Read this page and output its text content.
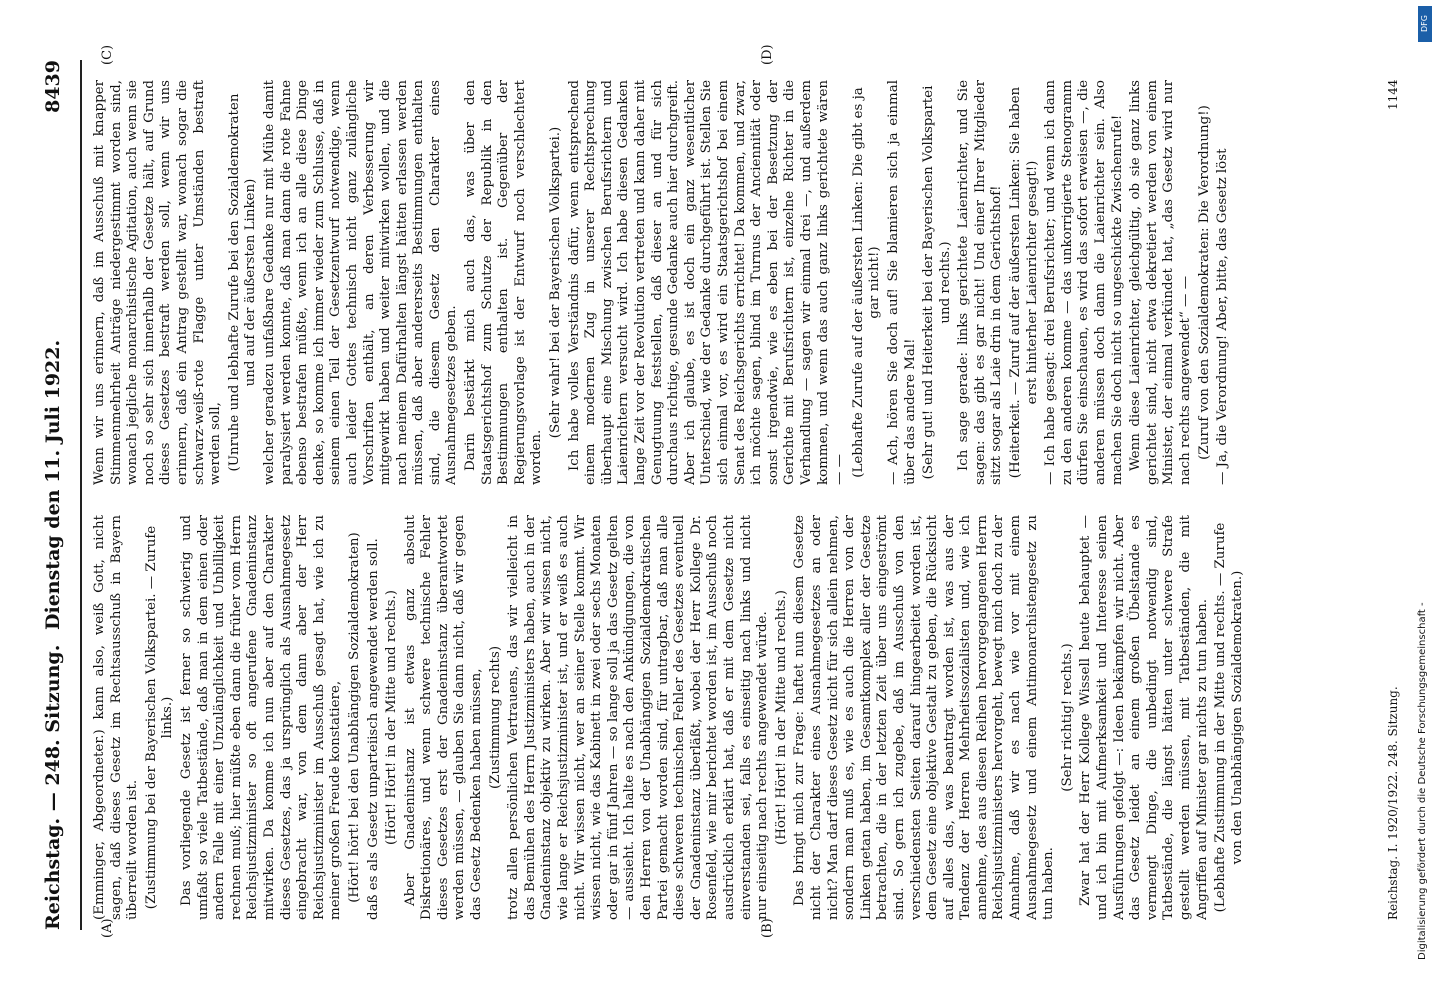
Reichstag. — 248. Sitzung.
Dienstag den 11. Juli 1922.
8439
(A)	(B)
(C)	(D)

(Emminger, Abgeordneter.) kann also, weiß Gott, nicht sagen, daß dieses Gesetz im Rechtsausschuß in Bayern überreilt worden ist. (Zustimmung bei der Bayerischen Volkspartei. — Zurufe links.) Das vorliegende Gesetz ist ferner so schwierig und umfaßt so viele Tatbestände, daß man in dem einen oder andern Falle mit einer Unzulänglichkeit und Unbilligkeit rechnen muß; hier müßte eben dann die früher vom Herrn Reichsjustizminister so oft angerufene Gnadeninstanz mitwirken. Da komme ich nun aber auf den Charakter dieses Gesetzes, das ja ursprünglich als Ausnahmegesetz eingebracht war, von dem dann aber der Herr Reichsjustizminister im Ausschuß gesagt hat, wie ich zu meiner großen Freude konstatiere, (Hört! hört! bei den Unabhängigen Sozialdemokraten) daß es als Gesetz unparteiisch angewendet werden soll. (Hört! Hört! in der Mitte und rechts.) Aber Gnadeninstanz ist etwas ganz absolut Diskretionäres, und wenn schwere technische Fehler dieses Gesetzes erst der Gnadeninstanz überantwortet werden müssen, — glauben Sie dann nicht, daß wir gegen das Gesetz Bedenken haben müssen, (Zustimmung rechts) trotz allen persönlichen Vertrauens, das wir vielleicht in das Bemühen des Herrn Justizministers haben, auch in der Gnadeninstanz objektiv zu wirken. Aber wir wissen nicht, wie lange er Reichsjustizminister ist, und er weiß es auch nicht. Wir wissen nicht, wer an seiner Stelle kommt. Wir wissen nicht, wie das Kabinett in zwei oder sechs Monaten oder gar in fünf Jahren — so lange soll ja das Gesetz gelten — aussieht. Ich halte es nach den Ankündigungen, die von den Herren von der Unabhängigen Sozialdemokratischen Partei gemacht worden sind, für untragbar, daß man alle diese schweren technischen Fehler des Gesetzes eventuell der Gnadeninstanz überläßt, wobei der Herr Kollege Dr. Rosenfeld, wie mir berichtet worden ist, im Ausschuß noch ausdrücklich erklärt hat, daß er mit dem Gesetze nicht einverstanden sei, falls es einseitig nach links und nicht nur einseitig nach rechts angewendet würde. (Hört! Hört! in der Mitte und rechts.) Das bringt mich zur Frage: haftet nun diesem Gesetze nicht der Charakter eines Ausnahmegesetzes an oder nicht? Man darf dieses Gesetz nicht für sich allein nehmen, sondern man muß es, wie es auch die Herren von der Linken getan haben, im Gesamtkomplex aller der Gesetze betrachten, die in der letzten Zeit über uns eingeströmt sind. So gern ich zugebe, daß im Ausschuß von den verschiedensten Seiten darauf hingearbeitet worden ist, dem Gesetz eine objektive Gestalt zu geben, die Rücksicht auf alles das, was beantragt worden ist, was aus der Tendenz der Herren Mehrheitssozialisten und, wie ich annehme, des aus diesen Reihen hervorgegangenen Herrn Reichsjustizministers hervorgeht, bewegt mich doch zu der Annahme, daß wir es nach wie vor mit einem Ausnahmegesetz und einem Antimonarchistengesetz zu tun haben.

(Sehr richtig! rechts.) Zwar hat der Herr Kollege Wissell heute behauptet — und ich bin mit Aufmerksamkeit und Interesse seinen Ausführungen gefolgt —: Ideen bekämpfen wir nicht. Aber das Gesetz leidet an einem großen Übelstande es vermengt Dinge, die unbedingt notwendig sind, Tatbestände, die längst hätten unter schwere Strafe gestellt werden müssen, mit Tatbeständen, die mit Angriffen auf Minister gar nichts zu tun haben. (Lebhafte Zustimmung in der Mitte und rechts. — Zurufe von den Unabhängigen Sozialdemokraten.)

Wenn wir uns erinnern, daß im Ausschuß mit knapper Stimmenmehrheit Anträge niedergestimmt worden sind, wonach jegliche monarchistische Agitation, auch wenn sie noch so sehr sich innerhalb der Gesetze hält, auf Grund dieses Gesetzes bestraft werden soll, wenn wir uns erinnern, daß ein Antrag gestellt war, wonach sogar die schwarz-weiß-rote Flagge unter Umständen bestraft werden soll, (Unruhe und lebhafte Zurufe bei den Sozialdemokraten und auf der äußersten Linken) welcher geradezu unfaßbare Gedanke nur mit Mühe damit paralysiert werden konnte, daß man dann die rote Fahne ebenso bestrafen müßte, wenn ich an alle diese Dinge denke, so komme ich immer wieder zum Schlusse, daß in seinem einen Teil der Gesetzentwurf notwendige, wenn auch leider Gottes technisch nicht ganz zulängliche Vorschriften enthält, an deren Verbesserung wir mitgewirkt haben und weiter mitwirken wollen, und die nach meinem Dafürhalten längst hätten erlassen werden müssen, daß aber andererseits Bestimmungen enthalten sind, die diesem Gesetz den Charakter eines Ausnahmegesetzes geben. Darin bestärkt mich auch das, was über den Staatsgerichtshof zum Schutze der Republik in den Bestimmungen enthalten ist. Gegenüber der Regierungsvorlage ist der Entwurf noch verschlechtert worden.

(Sehr wahr! bei der Bayerischen Volkspartei.) Ich habe volles Verständnis dafür, wenn entsprechend einem modernen Zug in unserer Rechtsprechung überhaupt eine Mischung zwischen Berufsrichtern und Laienrichtern versucht wird. Ich habe diesen Gedanken lange Zeit vor der Revolution vertreten und kann daher mit Genugtuung feststellen, daß dieser an und für sich durchaus richtige, gesunde Gedanke auch hier durchgreift. Aber ich glaube, es ist doch ein ganz wesentlicher Unterschied, wie der Gedanke durchgeführt ist. Stellen Sie sich einmal vor, es wird ein Staatsgerichtshof bei einem Senat des Reichsgerichts errichtet! Da kommen, und zwar, ich möchte sagen, blind im Turnus der Anciennität oder sonst irgendwie, wie es eben bei der Besetzung der Gerichte mit Berufsrichtern ist, einzelne Richter in die Verhandlung — sagen wir einmal drei —, und außerdem kommen, und wenn das auch ganz links gerichtete wären — — (Lebhafte Zurufe auf der äußersten Linken: Die gibt es ja gar nicht!) — Ach, hören Sie doch auf! Sie blamieren sich ja einmal über das andere Mal! (Sehr gut! und Heiterkeit bei der Bayerischen Volkspartei und rechts.) Ich sage gerade: links gerichtete Laienrichter, und Sie sagen: das gibt es gar nicht! Und einer Ihrer Mitglieder sitzt sogar als Laie drin in dem Gerichtshof! (Heiterkeit. — Zuruf auf der äußersten Linken: Sie haben erst hinterher Laienrichter gesagt!) — Ich habe gesagt: drei Berufsrichter; und wenn ich dann zu den anderen komme — das unkorrigierte Stenogramm dürfen Sie einschauen, es wird das sofort erweisen —, die anderen müssen doch dann die Laienrichter sein. Also machen Sie doch nicht so ungeschickte Zwischenrufe! Wenn diese Laienrichter, gleichgültig, ob sie ganz links gerichtet sind, nicht etwa dekretiert werden von einem Minister, der einmal verkündet hat, „das Gesetz wird nur nach rechts angewendet“ — — (Zuruf von den Sozialdemokraten: Die Verordnung!) — Ja, die Verordnung! Aber, bitte, das Gesetz löst

Reichstag. I. 1920/1922. 248. Sitzung.
1144
Digitalisierung gefördert durch die Deutsche Forschungsgemeinschaft -
DFG
